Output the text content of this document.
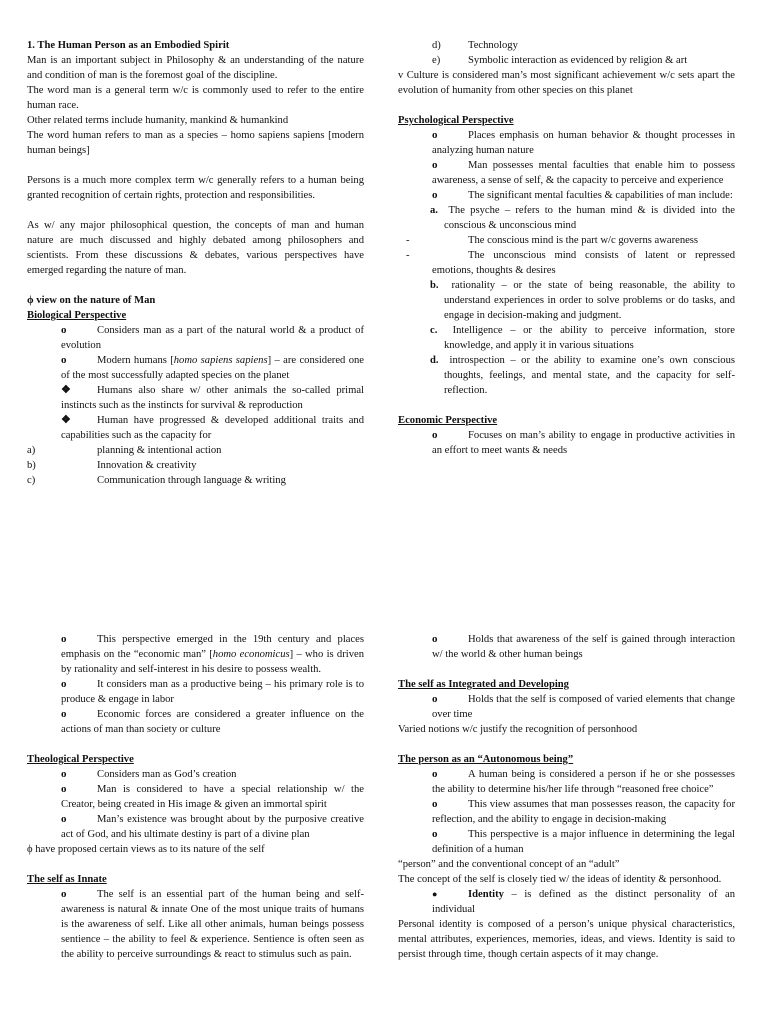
1. The Human Person as an Embodied Spirit

Man is an important subject in Philosophy & an understanding of the nature and condition of man is the foremost goal of the discipline.

The word man is a general term w/c is commonly used to refer to the entire human race.

Other related terms include humanity, mankind & humankind

The word human refers to man as a species – homo sapiens sapiens [modern human beings]

Persons is a much more complex term w/c generally refers to a human being granted recognition of certain rights, protection and responsibilities.

As w/ any major philosophical question, the concepts of man and human nature are much discussed and highly debated among philosophers and scientists. From these discussions & debates, various perspectives have emerged regarding the nature of man.

ϕ view on the nature of Man

Biological Perspective

o	Considers man as a part of the natural world & a product of evolution
o	Modern humans [homo sapiens sapiens] – are considered one of the most successfully adapted species on the planet
❖ Humans also share w/ other animals the so-called primal instincts such as the instincts for survival & reproduction
❖ Human have progressed & developed additional traits and capabilities such as the capacity for
a)	planning & intentional action
b)	Innovation & creativity
c)	Communication through language & writing
d)	Technology
e)	Symbolic interaction as evidenced by religion & art

v Culture is considered man’s most significant achievement w/c sets apart the evolution of humanity from other species on this planet

Psychological Perspective

o	Places emphasis on human behavior & thought processes in analyzing human nature
o	Man possesses mental faculties that enable him to possess awareness, a sense of self, & the capacity to perceive and experience
o	The significant mental faculties & capabilities of man include:
a. The psyche – refers to the human mind & is divided into the conscious & unconscious mind
-	The conscious mind is the part w/c governs awareness
-	The unconscious mind consists of latent or repressed emotions, thoughts & desires
b. rationality – or the state of being reasonable, the ability to understand experiences in order to solve problems or do tasks, and engage in decision-making and judgment.
c. Intelligence – or the ability to perceive information, store knowledge, and apply it in various situations
d. introspection – or the ability to examine one’s own conscious thoughts, feelings, and mental state, and the capacity for self-reflection.

Economic Perspective

o	Focuses on man’s ability to engage in productive activities in an effort to meet wants & needs
o	This perspective emerged in the 19th century and places emphasis on the “economic man” [homo economicus] – who is driven by rationality and self-interest in his desire to possess wealth.
o	It considers man as a productive being – his primary role is to produce & engage in labor
o	Economic forces are considered a greater influence on the actions of man than society or culture

Theological Perspective

o	Considers man as God’s creation
o	Man is considered to have a special relationship w/ the Creator, being created in His image & given an immortal spirit
o	Man’s existence was brought about by the purposive creative act of God, and his ultimate destiny is part of a divine plan

ϕ have proposed certain views as to its nature of the self

The self as Innate

o	The self is an essential part of the human being and self- awareness is natural & innate One of the most unique traits of humans is the awareness of self. Like all other animals, human beings possess sentience – the ability to feel & experience. Sentience is often seen as the ability to perceive surroundings & react to stimulus such as pain.
o	Holds that awareness of the self is gained through interaction w/ the world & other human beings

The self as Integrated and Developing

o	Holds that the self is composed of varied elements that change over time

Varied notions w/c justify the recognition of personhood

The person as an “Autonomous being”

o	A human being is considered a person if he or she possesses the ability to determine his/her life through “reasoned free choice”
o	This view assumes that man possesses reason, the capacity for reflection, and the ability to engage in decision-making
o	This perspective is a major influence in determining the legal definition of a human

“person” and the conventional concept of an “adult”

The concept of the self is closely tied w/ the ideas of identity & personhood.

●	Identity – is defined as the distinct personality of an individual

Personal identity is composed of a person’s unique physical characteristics, mental attributes, experiences, memories, ideas, and views. Identity is said to persist through time, though certain aspects of it may change.
